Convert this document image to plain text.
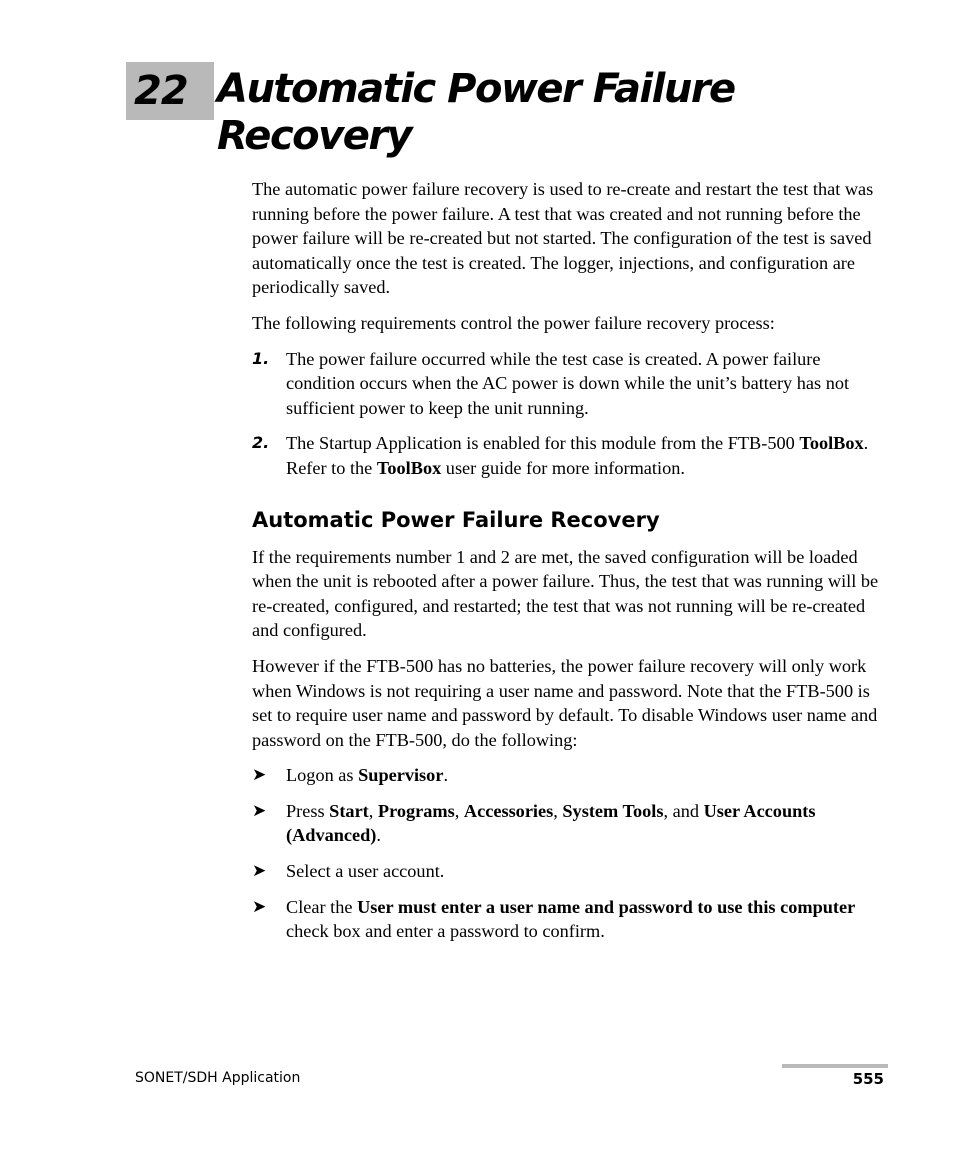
22 Automatic Power Failure Recovery

The automatic power failure recovery is used to re-create and restart the test that was running before the power failure. A test that was created and not running before the power failure will be re-created but not started. The configuration of the test is saved automatically once the test is created. The logger, injections, and configuration are periodically saved.

The following requirements control the power failure recovery process:

1. The power failure occurred while the test case is created. A power failure condition occurs when the AC power is down while the unit’s battery has not sufficient power to keep the unit running.
2. The Startup Application is enabled for this module from the FTB-500 ToolBox. Refer to the ToolBox user guide for more information.
Automatic Power Failure Recovery

If the requirements number 1 and 2 are met, the saved configuration will be loaded when the unit is rebooted after a power failure. Thus, the test that was running will be re-created, configured, and restarted; the test that was not running will be re-created and configured.

However if the FTB-500 has no batteries, the power failure recovery will only work when Windows is not requiring a user name and password. Note that the FTB-500 is set to require user name and password by default. To disable Windows user name and password on the FTB-500, do the following:

➤ Logon as Supervisor.
➤ Press Start, Programs, Accessories, System Tools, and User Accounts (Advanced).
➤ Select a user account.
➤ Clear the User must enter a user name and password to use this computer check box and enter a password to confirm.
SONET/SDH Application	555
